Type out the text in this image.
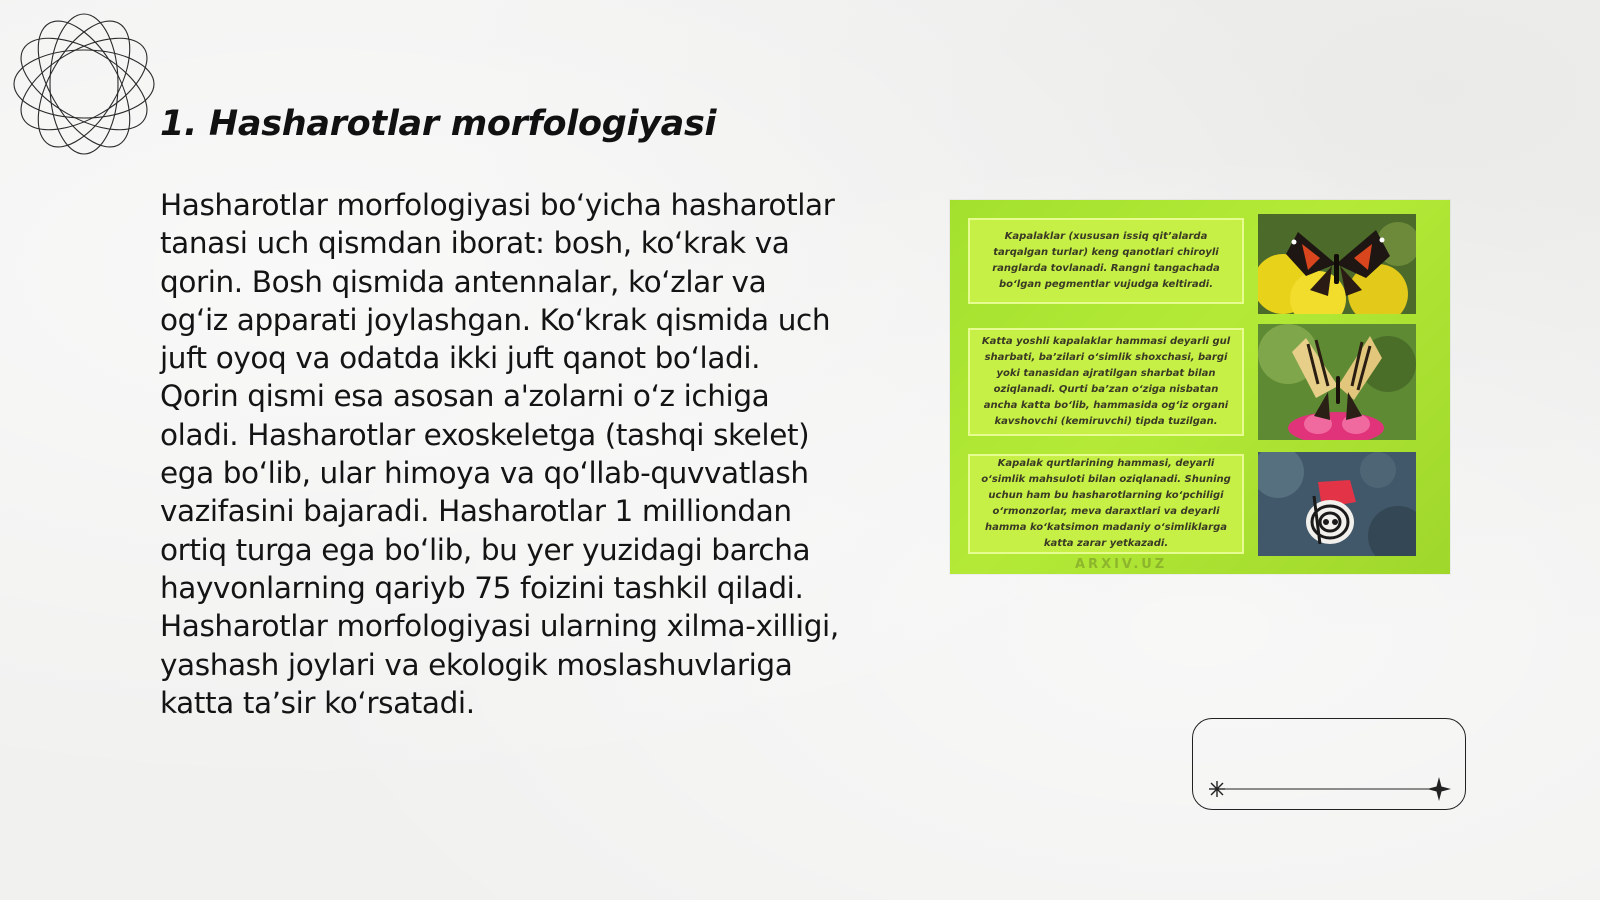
1. Hasharotlar morfologiyasi

Hasharotlar morfologiyasi bo‘yicha hasharotlar tanasi uch qismdan iborat: bosh, ko‘krak va qorin. Bosh qismida antennalar, ko‘zlar va og‘iz apparati joylashgan. Ko‘krak qismida uch juft oyoq va odatda ikki juft qanot bo‘ladi. Qorin qismi esa asosan a'zolarni o‘z ichiga oladi. Hasharotlar exoskeletga (tashqi skelet) ega bo‘lib, ular himoya va qo‘llab-quvvatlash vazifasini bajaradi. Hasharotlar 1 milliondan ortiq turga ega bo‘lib, bu yer yuzidagi barcha hayvonlarning qariyb 75 foizini tashkil qiladi. Hasharotlar morfologiyasi ularning xilma-xilligi, yashash joylari va ekologik moslashuvlariga katta ta’sir ko‘rsatadi.

Kapalaklar (xususan issiq qit’alarda tarqalgan turlar) keng qanotlari chiroyli ranglarda tovlanadi. Rangni tangachada bo‘lgan pegmentlar vujudga keltiradi.
Katta yoshli kapalaklar hammasi deyarli gul sharbati, ba’zilari o‘simlik shoxchasi, bargi yoki tanasidan ajratilgan sharbat bilan oziqlanadi. Qurti ba’zan o‘ziga nisbatan ancha katta bo‘lib, hammasida og‘iz organi kavshovchi (kemiruvchi) tipda tuzilgan.
Kapalak qurtlarining hammasi, deyarli o‘simlik mahsuloti bilan oziqlanadi. Shuning uchun ham bu hasharotlarning ko‘pchiligi o‘rmonzorlar, meva daraxtlari va deyarli hamma ko‘katsimon madaniy o‘simliklarga katta zarar yetkazadi.
ARXIV.UZ
